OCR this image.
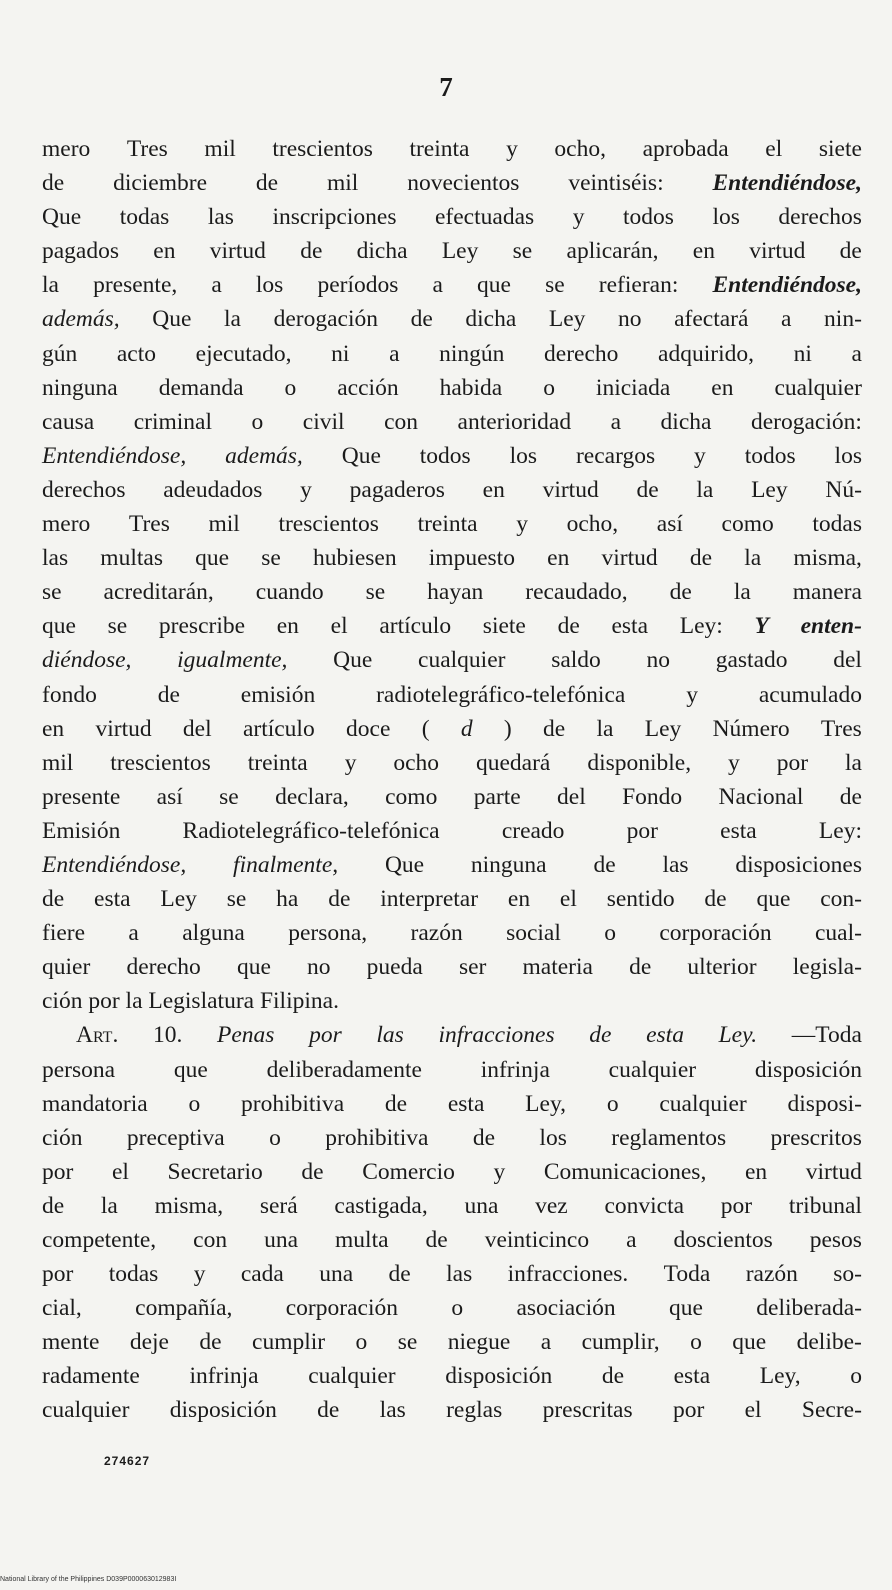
7
mero Tres mil trescientos treinta y ocho, aprobada el siete
de diciembre de mil novecientos veintiséis: Entendiéndose,
Que todas las inscripciones efectuadas y todos los derechos
pagados en virtud de dicha Ley se aplicarán, en virtud de
la presente, a los períodos a que se refieran: Entendiéndose,
además, Que la derogación de dicha Ley no afectará a nin-
gún acto ejecutado, ni a ningún derecho adquirido, ni a
ninguna demanda o acción habida o iniciada en cualquier
causa criminal o civil con anterioridad a dicha derogación:
Entendiéndose, además, Que todos los recargos y todos los
derechos adeudados y pagaderos en virtud de la Ley Nú-
mero Tres mil trescientos treinta y ocho, así como todas
las multas que se hubiesen impuesto en virtud de la misma,
se acreditarán, cuando se hayan recaudado, de la manera
que se prescribe en el artículo siete de esta Ley: Y enten-
diéndose, igualmente, Que cualquier saldo no gastado del
fondo	de	emisión	radiotelegráfico-telefónica	y	acumulado
en virtud del artículo doce ( d ) de la Ley Número Tres
mil trescientos treinta y ocho quedará disponible, y por la
presente así se declara, como parte del Fondo Nacional de
Emisión	Radiotelegráfico-telefónica	creado	por	esta	Ley:
Entendiéndose, finalmente, Que ninguna de las disposiciones
de esta Ley se ha de interpretar en el sentido de que con-
fiere a alguna persona, razón social o corporación cual-
quier derecho que no pueda ser materia de ulterior legisla-
ción por la Legislatura Filipina.
Art. 10. Penas por las infracciones de esta Ley. —Toda
persona	que	deliberadamente	infrinja	cualquier	disposición
mandatoria o prohibitiva de esta Ley, o cualquier disposi-
ción preceptiva o prohibitiva de los reglamentos prescritos
por el Secretario de Comercio y Comunicaciones, en virtud
de la misma, será castigada, una vez convicta por tribunal
competente, con una multa de veinticinco a doscientos pesos
por todas y cada una de las infracciones. Toda razón so-
cial, compañía, corporación o asociación que deliberada-
mente deje de cumplir o se niegue a cumplir, o que delibe-
radamente infrinja cualquier disposición de esta Ley, o
cualquier disposición de las reglas prescritas por el Secre-
274627
National Library of the Philippines D039P000063012983I
